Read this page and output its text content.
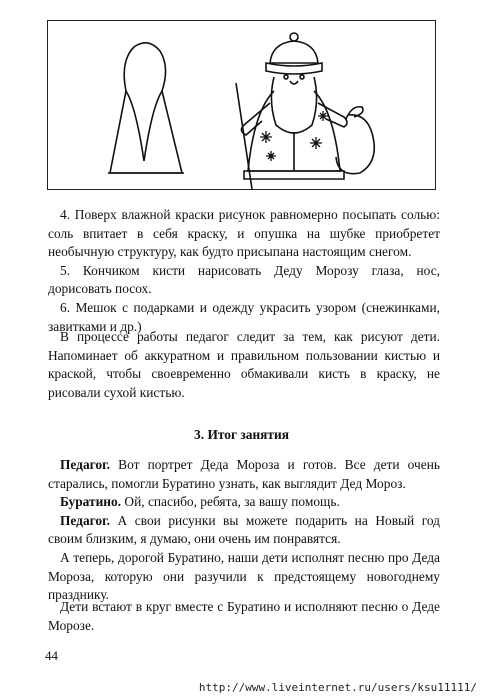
4. Поверх влажной краски рисунок равномерно посыпать солью: соль впитает в себя краску, и опушка на шубке приобретет необычную структуру, как будто присыпана настоящим снегом.

5. Кончиком кисти нарисовать Деду Морозу глаза, нос, дорисовать посох.

6. Мешок с подарками и одежду украсить узором (снежинками, завитками и др.)

В процессе работы педагог следит за тем, как рисуют дети. Напоминает об аккуратном и правильном пользовании кистью и краской, чтобы своевременно обмакивали кисть в краску, не рисовали сухой кистью.

3. Итог занятия

Педагог. Вот портрет Деда Мороза и готов. Все дети очень старались, помогли Буратино узнать, как выглядит Дед Мороз.

Буратино. Ой, спасибо, ребята, за вашу помощь.

Педагог. А свои рисунки вы можете подарить на Новый год своим близким, я думаю, они очень им понравятся.

А теперь, дорогой Буратино, наши дети исполнят песню про Деда Мороза, которую они разучили к предстоящему новогоднему празднику.

Дети встают в круг вместе с Буратино и исполняют песню о Деде Морозе.

44
http://www.liveinternet.ru/users/ksu11111/
